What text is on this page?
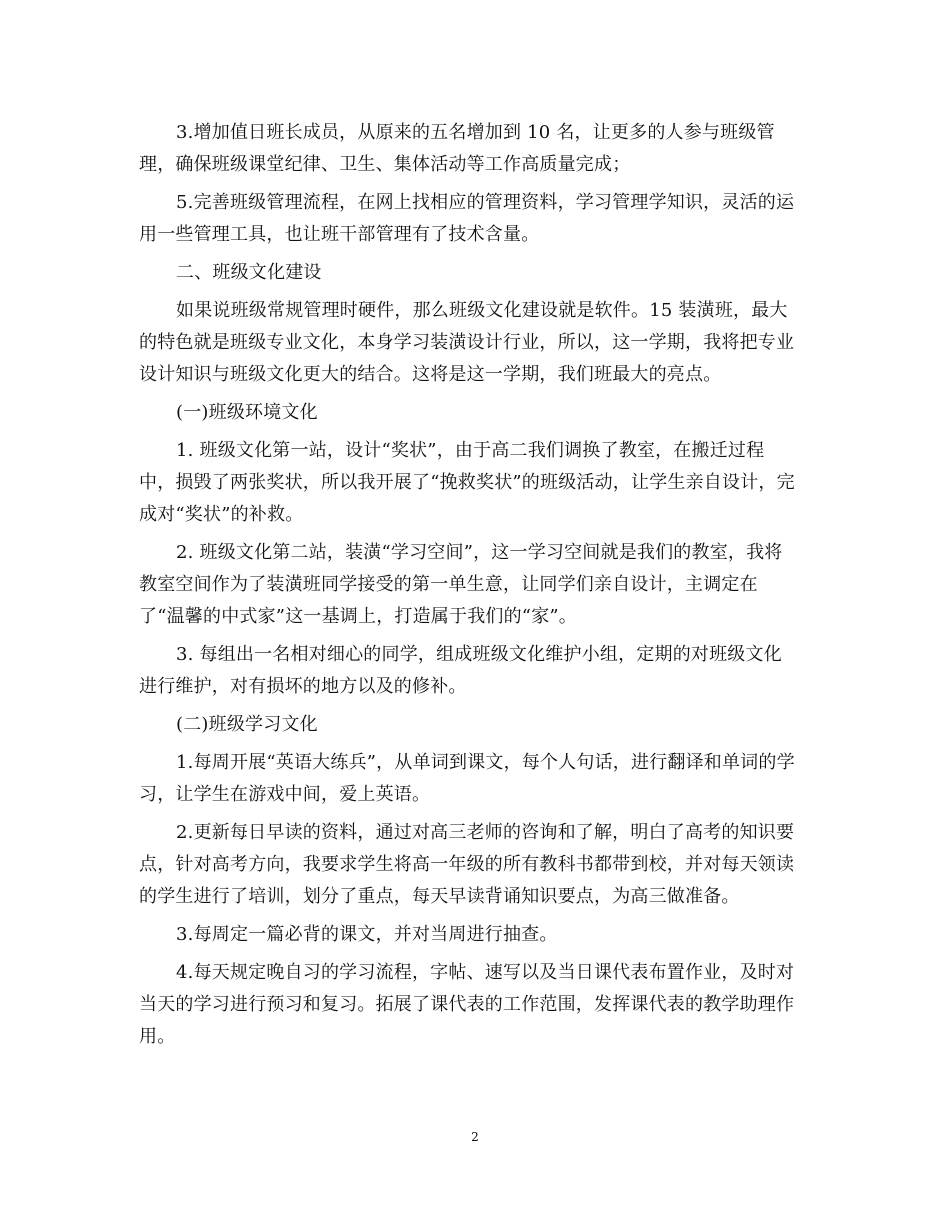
3.增加值日班长成员，从原来的五名增加到 10 名，让更多的人参与班级管
理，确保班级课堂纪律、卫生、集体活动等工作高质量完成；

5.完善班级管理流程，在网上找相应的管理资料，学习管理学知识，灵活的运
用一些管理工具，也让班干部管理有了技术含量。

二、班级文化建设

如果说班级常规管理时硬件，那么班级文化建设就是软件。15 装潢班，最大
的特色就是班级专业文化，本身学习装潢设计行业，所以，这一学期，我将把专业
设计知识与班级文化更大的结合。这将是这一学期，我们班最大的亮点。

(一)班级环境文化

1. 班级文化第一站，设计“奖状”，由于高二我们调换了教室，在搬迁过程
中，损毁了两张奖状，所以我开展了“挽救奖状”的班级活动，让学生亲自设计，完
成对“奖状”的补救。

2. 班级文化第二站，装潢“学习空间”，这一学习空间就是我们的教室，我将
教室空间作为了装潢班同学接受的第一单生意，让同学们亲自设计，主调定在
了“温馨的中式家”这一基调上，打造属于我们的“家”。

3. 每组出一名相对细心的同学，组成班级文化维护小组，定期的对班级文化
进行维护，对有损坏的地方以及的修补。

(二)班级学习文化

1.每周开展“英语大练兵”，从单词到课文，每个人句话，进行翻译和单词的学
习，让学生在游戏中间，爱上英语。

2.更新每日早读的资料，通过对高三老师的咨询和了解，明白了高考的知识要
点，针对高考方向，我要求学生将高一年级的所有教科书都带到校，并对每天领读
的学生进行了培训，划分了重点，每天早读背诵知识要点，为高三做准备。

3.每周定一篇必背的课文，并对当周进行抽查。

4.每天规定晚自习的学习流程，字帖、速写以及当日课代表布置作业，及时对
当天的学习进行预习和复习。拓展了课代表的工作范围，发挥课代表的教学助理作
用。

2
